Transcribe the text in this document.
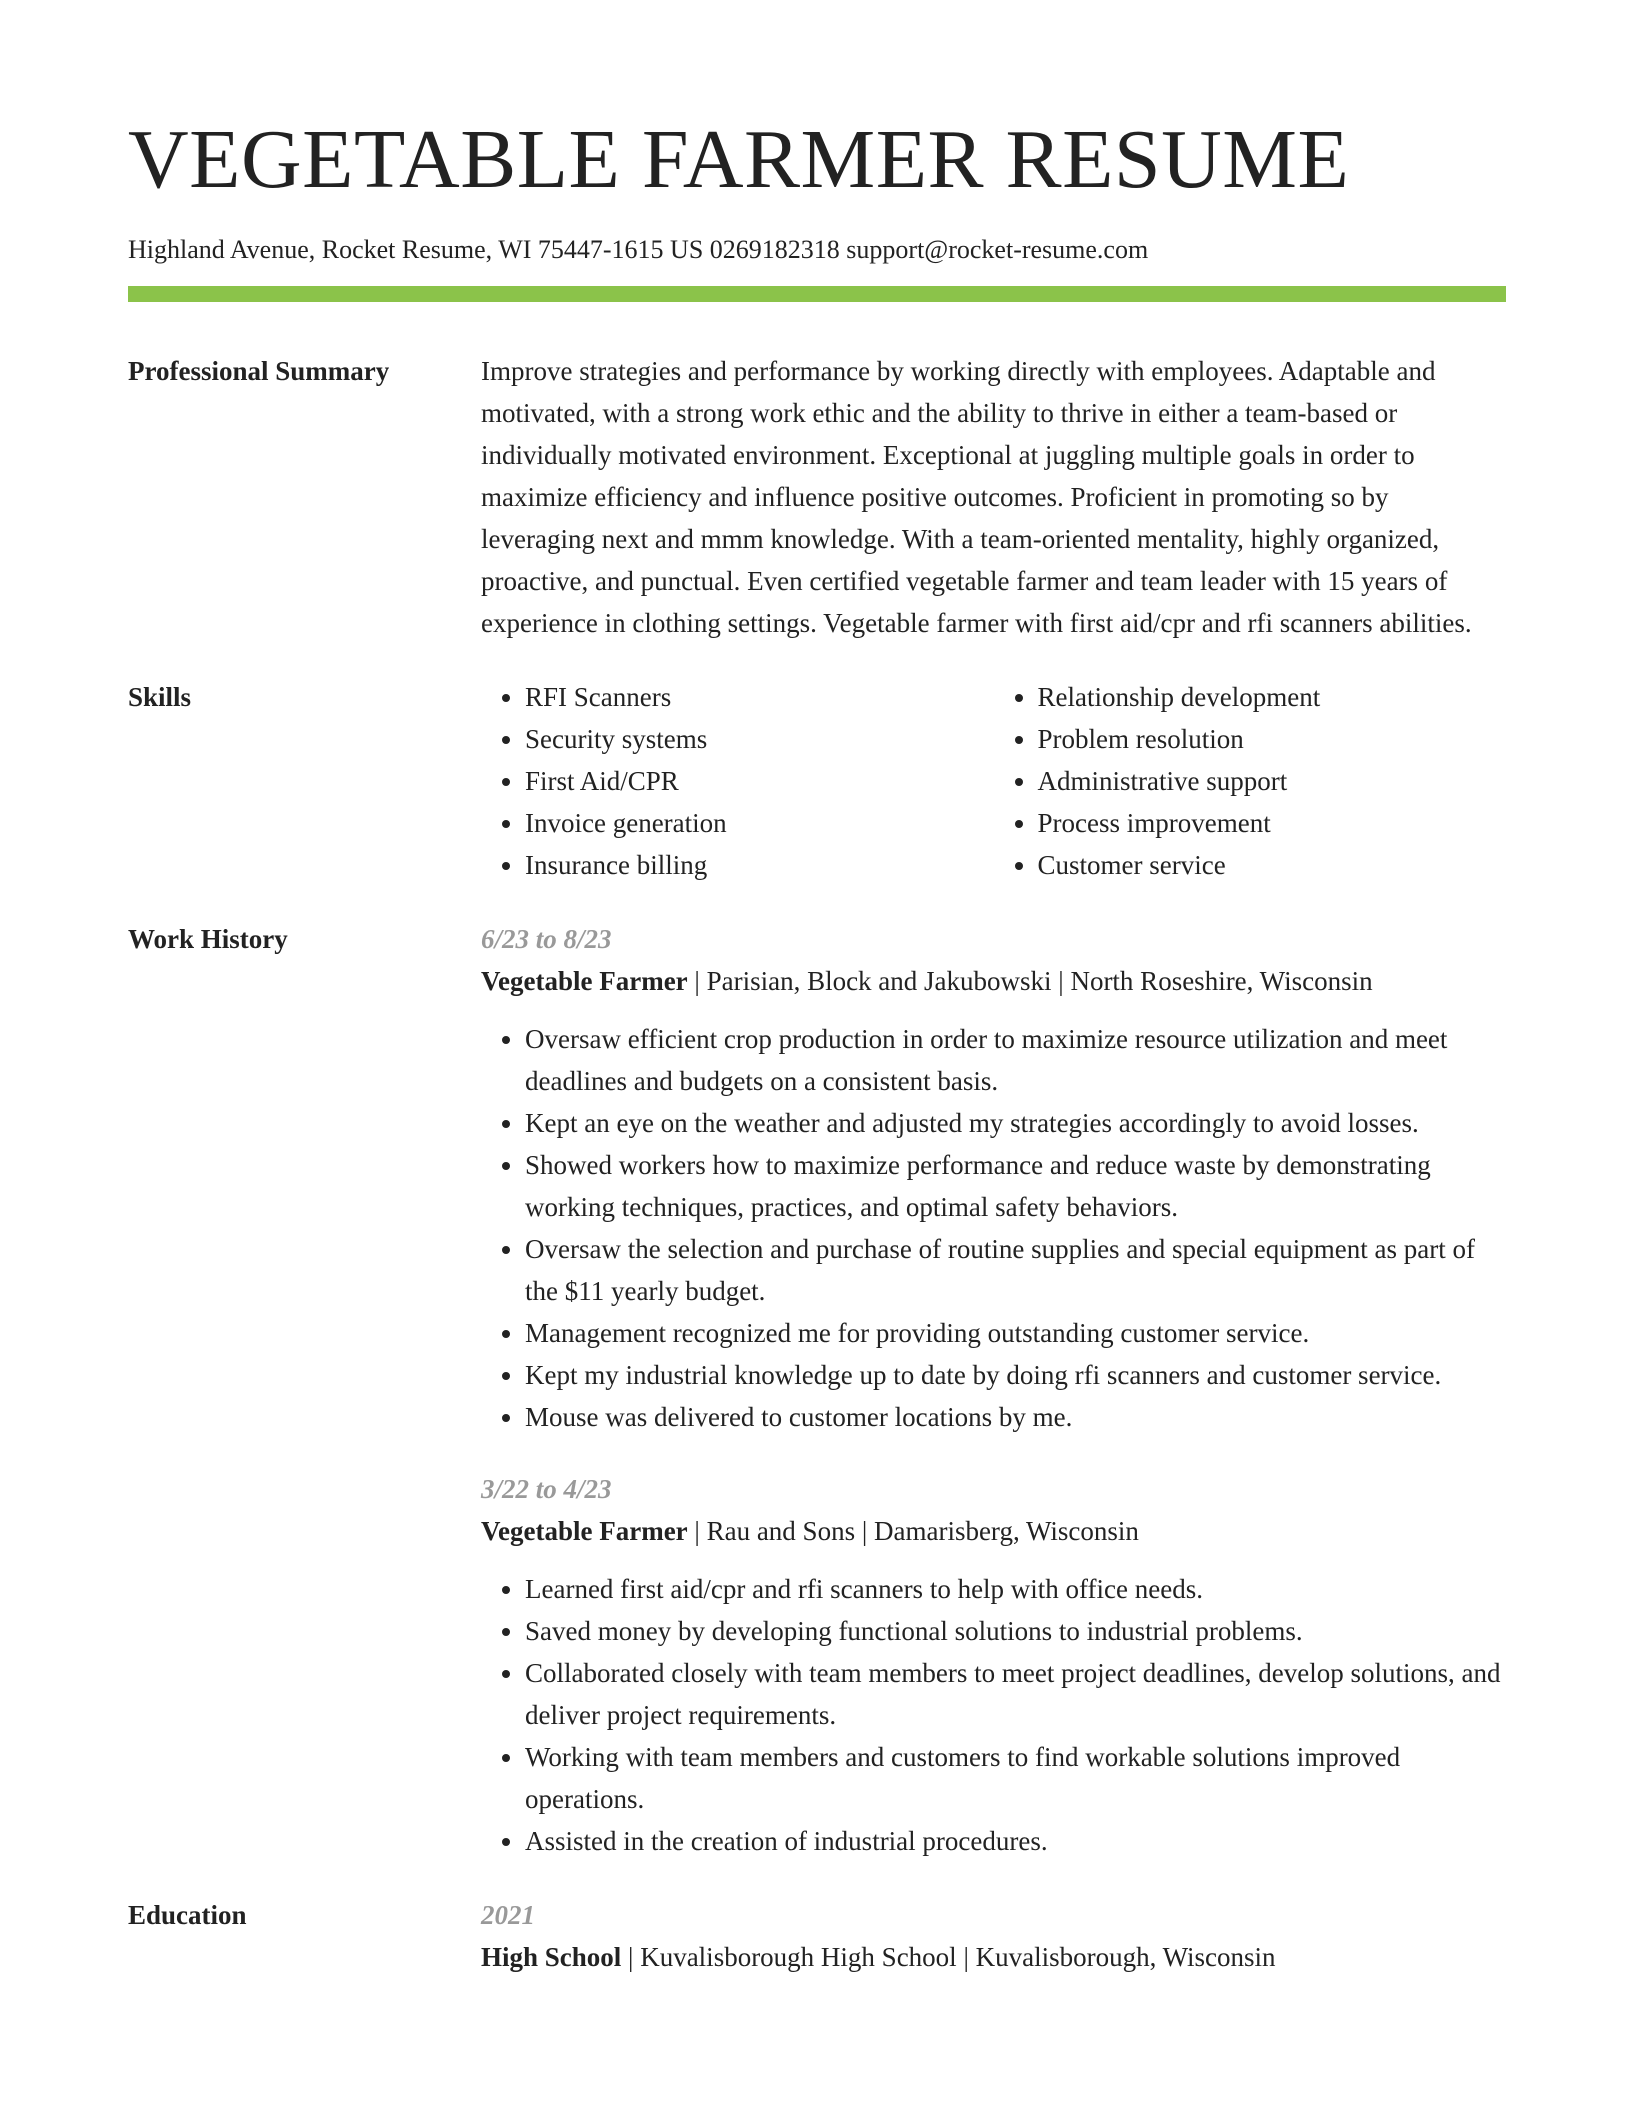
VEGETABLE FARMER RESUME
Highland Avenue, Rocket Resume, WI 75447-1615 US 0269182318 support@rocket-resume.com
Professional Summary	Improve strategies and performance by working directly with employees. Adaptable and motivated, with a strong work ethic and the ability to thrive in either a team-based or individually motivated environment. Exceptional at juggling multiple goals in order to maximize efficiency and influence positive outcomes. Proficient in promoting so by leveraging next and mmm knowledge. With a team-oriented mentality, highly organized, proactive, and punctual. Even certified vegetable farmer and team leader with 15 years of experience in clothing settings. Vegetable farmer with first aid/cpr and rfi scanners abilities.

Skills
•	RFI Scanners
• Security systems
• First Aid/CPR
• Invoice generation
• Insurance billing
• Relationship development
• Problem resolution
• Administrative support
• Process improvement
• Customer service
Work History	6/23 to 8/23
Vegetable Farmer | Parisian, Block and Jakubowski | North Roseshire, Wisconsin
• Oversaw efficient crop production in order to maximize resource utilization and meet deadlines and budgets on a consistent basis.
• Kept an eye on the weather and adjusted my strategies accordingly to avoid losses.
• Showed workers how to maximize performance and reduce waste by demonstrating working techniques, practices, and optimal safety behaviors.
• Oversaw the selection and purchase of routine supplies and special equipment as part of the $11 yearly budget.
• Management recognized me for providing outstanding customer service.
• Kept my industrial knowledge up to date by doing rfi scanners and customer service.
• Mouse was delivered to customer locations by me.
3/22 to 4/23
Vegetable Farmer | Rau and Sons | Damarisberg, Wisconsin
• Learned first aid/cpr and rfi scanners to help with office needs.
• Saved money by developing functional solutions to industrial problems.
• Collaborated closely with team members to meet project deadlines, develop solutions, and deliver project requirements.
• Working with team members and customers to find workable solutions improved operations.
• Assisted in the creation of industrial procedures.
Education	2021
High School | Kuvalisborough High School | Kuvalisborough, Wisconsin
